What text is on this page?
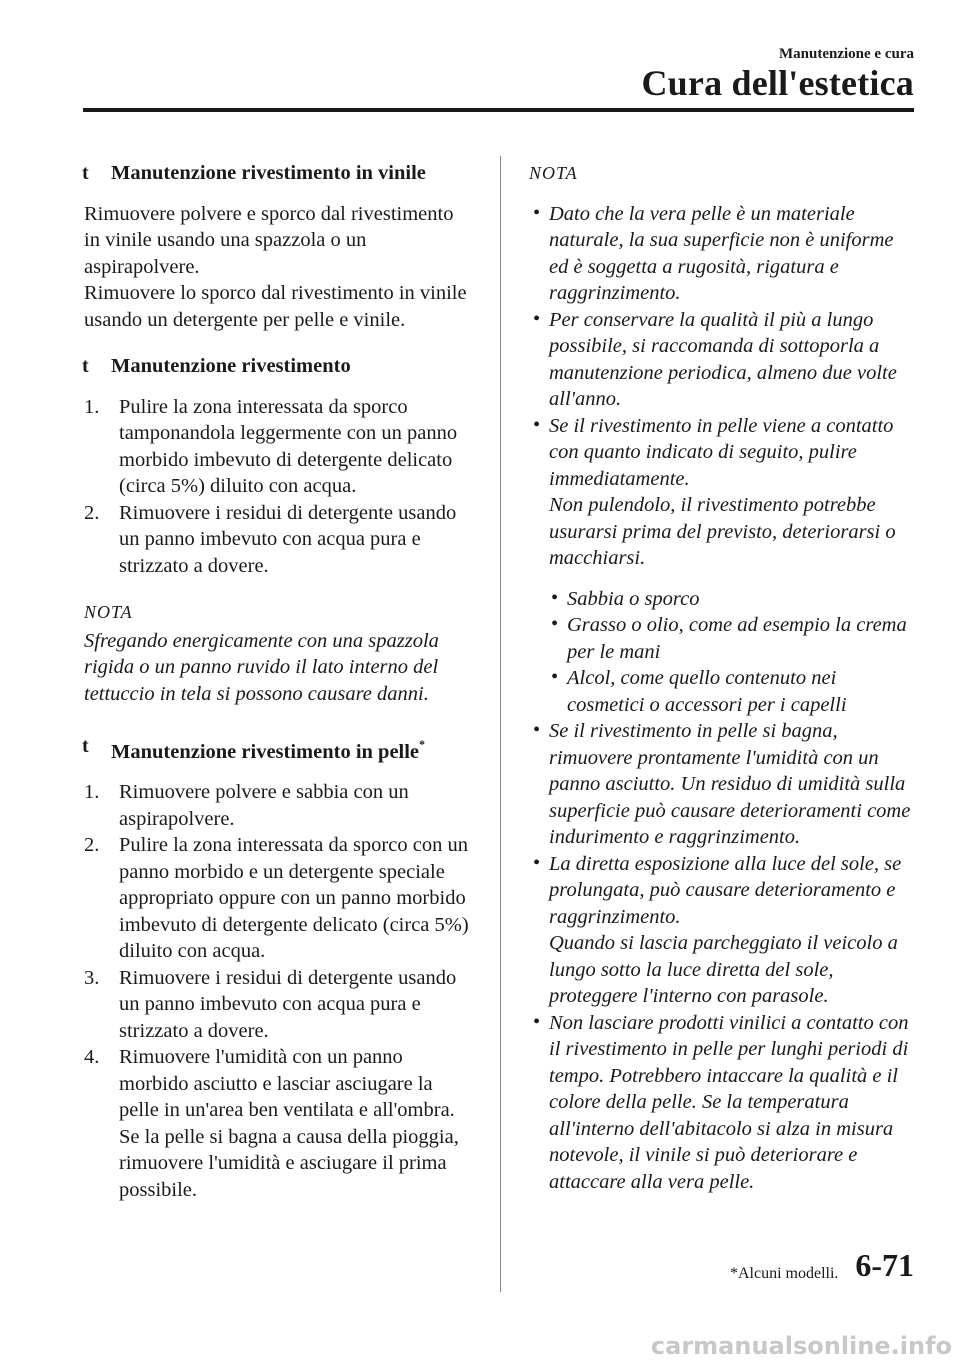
Manutenzione e cura
Cura dell'estetica
t Manutenzione rivestimento in vinile

Rimuovere polvere e sporco dal rivestimento in vinile usando una spazzola o un aspirapolvere.

Rimuovere lo sporco dal rivestimento in vinile usando un detergente per pelle e vinile.

t Manutenzione rivestimento
1. Pulire la zona interessata da sporco tamponandola leggermente con un panno morbido imbevuto di detergente delicato (circa 5%) diluito con acqua.
2. Rimuovere i residui di detergente usando un panno imbevuto con acqua pura e strizzato a dovere.
NOTA

Sfregando energicamente con una spazzola rigida o un panno ruvido il lato interno del tettuccio in tela si possono causare danni.

t Manutenzione rivestimento in pelle*
1. Rimuovere polvere e sabbia con un aspirapolvere.
2. Pulire la zona interessata da sporco con un panno morbido e un detergente speciale appropriato oppure con un panno morbido imbevuto di detergente delicato (circa 5%) diluito con acqua.
3. Rimuovere i residui di detergente usando un panno imbevuto con acqua pura e strizzato a dovere.
4. Rimuovere l'umidità con un panno morbido asciutto e lasciar asciugare la pelle in un'area ben ventilata e all'ombra. Se la pelle si bagna a causa della pioggia, rimuovere l'umidità e asciugare il prima possibile.
NOTA
• Dato che la vera pelle è un materiale naturale, la sua superficie non è uniforme ed è soggetta a rugosità, rigatura e raggrinzimento.
• Per conservare la qualità il più a lungo possibile, si raccomanda di sottoporla a manutenzione periodica, almeno due volte all'anno.
• Se il rivestimento in pelle viene a contatto con quanto indicato di seguito, pulire immediatamente.
Non pulendolo, il rivestimento potrebbe usurarsi prima del previsto, deteriorarsi o macchiarsi.
• Sabbia o sporco
• Grasso o olio, come ad esempio la crema per le mani
• Alcol, come quello contenuto nei cosmetici o accessori per i capelli
• Se il rivestimento in pelle si bagna, rimuovere prontamente l'umidità con un panno asciutto. Un residuo di umidità sulla superficie può causare deterioramenti come indurimento e raggrinzimento.
• La diretta esposizione alla luce del sole, se prolungata, può causare deterioramento e raggrinzimento.
Quando si lascia parcheggiato il veicolo a lungo sotto la luce diretta del sole, proteggere l'interno con parasole.
• Non lasciare prodotti vinilici a contatto con il rivestimento in pelle per lunghi periodi di tempo. Potrebbero intaccare la qualità e il colore della pelle. Se la temperatura all'interno dell'abitacolo si alza in misura notevole, il vinile si può deteriorare e attaccare alla vera pelle.
*Alcuni modelli. 6-71
carmanualsonline.info
